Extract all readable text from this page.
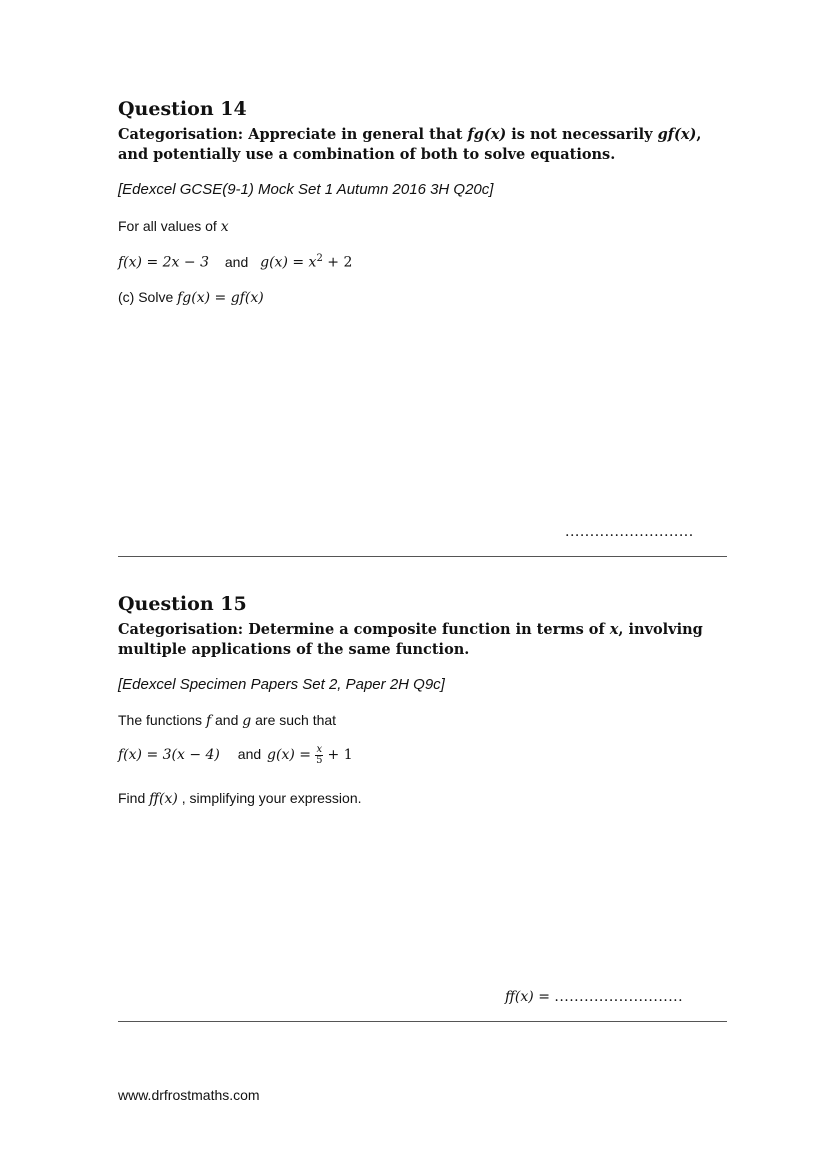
Question 14
Categorisation: Appreciate in general that fg(x) is not necessarily gf(x), and potentially use a combination of both to solve equations.
[Edexcel GCSE(9-1) Mock Set 1 Autumn 2016 3H Q20c]
For all values of x
f(x) = 2x − 3 and $g(x) = x^2 + 2$
(c) Solve fg(x) = gf(x)
..........................
Question 15
Categorisation: Determine a composite function in terms of x, involving multiple applications of the same function.
[Edexcel Specimen Papers Set 2, Paper 2H Q9c]
The functions f and g are such that
f(x) = 3(x − 4) and $g(x) = \frac{x}{5} + 1$
Find ff(x) , simplifying your expression.
ff(x) = ..........................
www.drfrostmaths.com
